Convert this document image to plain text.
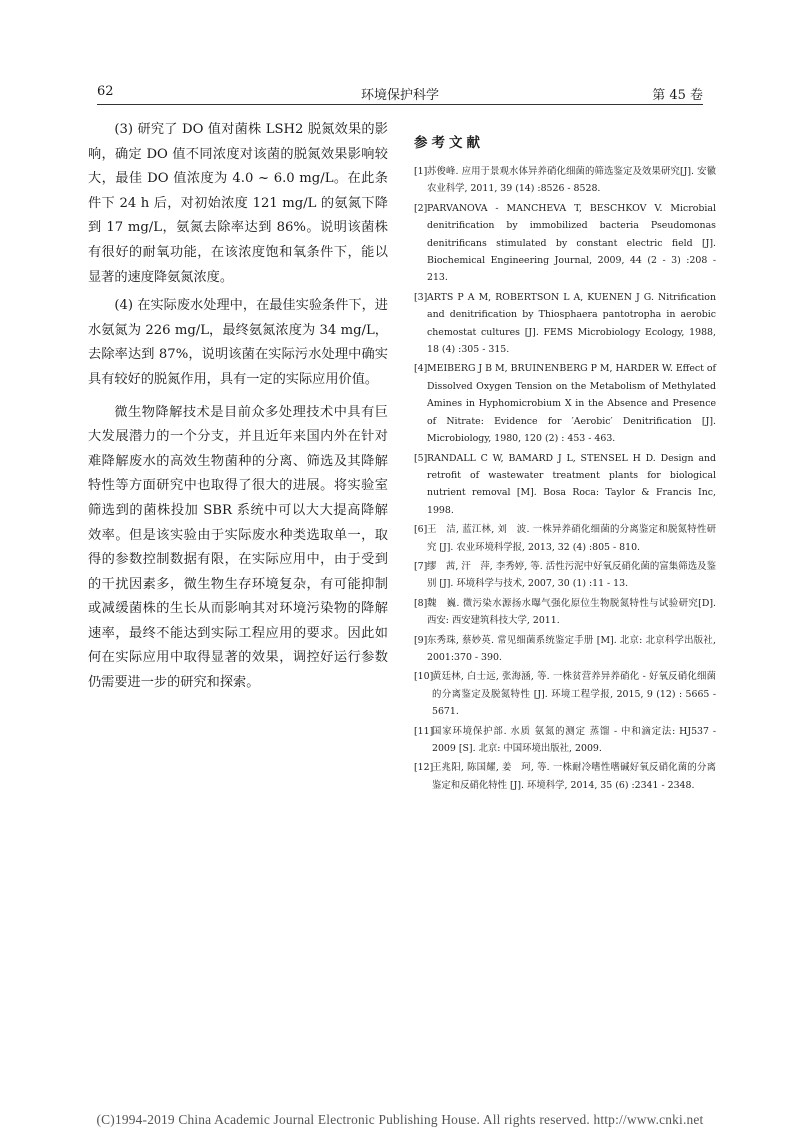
62	环境保护科学	第 45 卷

(3) 研究了 DO 值对菌株 LSH2 脱氮效果的影响，确定 DO 值不同浓度对该菌的脱氮效果影响较大，最佳 DO 值浓度为 4.0 ~ 6.0 mg/L。在此条件下 24 h 后，对初始浓度 121 mg/L 的氨氮下降到 17 mg/L，氨氮去除率达到 86%。说明该菌株有很好的耐氧功能，在该浓度饱和氧条件下，能以显著的速度降氨氮浓度。

(4) 在实际废水处理中，在最佳实验条件下，进水氨氮为 226 mg/L，最终氨氮浓度为 34 mg/L，去除率达到 87%，说明该菌在实际污水处理中确实具有较好的脱氮作用，具有一定的实际应用价值。

微生物降解技术是目前众多处理技术中具有巨大发展潜力的一个分支，并且近年来国内外在针对难降解废水的高效生物菌种的分离、筛选及其降解特性等方面研究中也取得了很大的进展。将实验室筛选到的菌株投加 SBR 系统中可以大大提高降解效率。但是该实验由于实际废水种类选取单一，取得的参数控制数据有限，在实际应用中，由于受到的干扰因素多，微生物生存环境复杂，有可能抑制或减缓菌株的生长从而影响其对环境污染物的降解速率，最终不能达到实际工程应用的要求。因此如何在实际应用中取得显著的效果，调控好运行参数仍需要进一步的研究和探索。

参考文献
[1] 苏俊峰. 应用于景观水体异养硝化细菌的筛选鉴定及效果研究[J]. 安徽农业科学, 2011, 39 (14) :8526 - 8528.
[2] PARVANOVA - MANCHEVA T, BESCHKOV V. Microbial denitrification by immobilized bacteria Pseudomonas denitrificans stimulated by constant electric field [J]. Biochemical Engineering Journal, 2009, 44 (2 - 3) :208 - 213.
[3] ARTS P A M, ROBERTSON L A, KUENEN J G. Nitrification and denitrification by Thiosphaera pantotropha in aerobic chemostat cultures [J]. FEMS Microbiology Ecology, 1988, 18 (4) :305 - 315.
[4] MEIBERG J B M, BRUINENBERG P M, HARDER W. Effect of Dissolved Oxygen Tension on the Metabolism of Methylated Amines in Hyphomicrobium X in the Absence and Presence of Nitrate: Evidence for ′Aerobic′ Denitrification [J]. Microbiology, 1980, 120 (2) : 453 - 463.
[5] RANDALL C W, BAMARD J L, STENSEL H D. Design and retrofit of wastewater treatment plants for biological nutrient removal [M]. Bosa Roca: Taylor & Francis Inc, 1998.
[6] 王　洁, 蓝江林, 刘　波. 一株异养硝化细菌的分离鉴定和脱氮特性研究 [J]. 农业环境科学报, 2013, 32 (4) :805 - 810.
[7] 缪　茜, 汗　萍, 李秀婷, 等. 活性污泥中好氧反硝化菌的富集筛选及鉴别 [J]. 环境科学与技术, 2007, 30 (1) :11 - 13.
[8] 魏　巍. 微污染水源扬水曝气强化原位生物脱氮特性与试验研究[D]. 西安: 西安建筑科技大学, 2011.
[9] 东秀珠, 蔡妙英. 常见细菌系统鉴定手册 [M]. 北京: 北京科学出版社, 2001:370 - 390.
[10]
黄廷林, 白士远, 张海涵, 等. 一株贫营养异养硝化 - 好氧反硝化细菌的分离鉴定及脱氮特性 [J]. 环境工程学报, 2015, 9 (12) : 5665 - 5671.
[11]
国家环境保护部. 水质 氨氮的测定 蒸馏 - 中和滴定法: HJ537 - 2009 [S]. 北京: 中国环境出版社, 2009.
[12]
王兆阳, 陈国耀, 姜　珂, 等. 一株耐冷嗜性嗜碱好氧反硝化菌的分离鉴定和反硝化特性 [J]. 环境科学, 2014, 35 (6) :2341 - 2348.
(C)1994-2019 China Academic Journal Electronic Publishing House. All rights reserved. http://www.cnki.net
